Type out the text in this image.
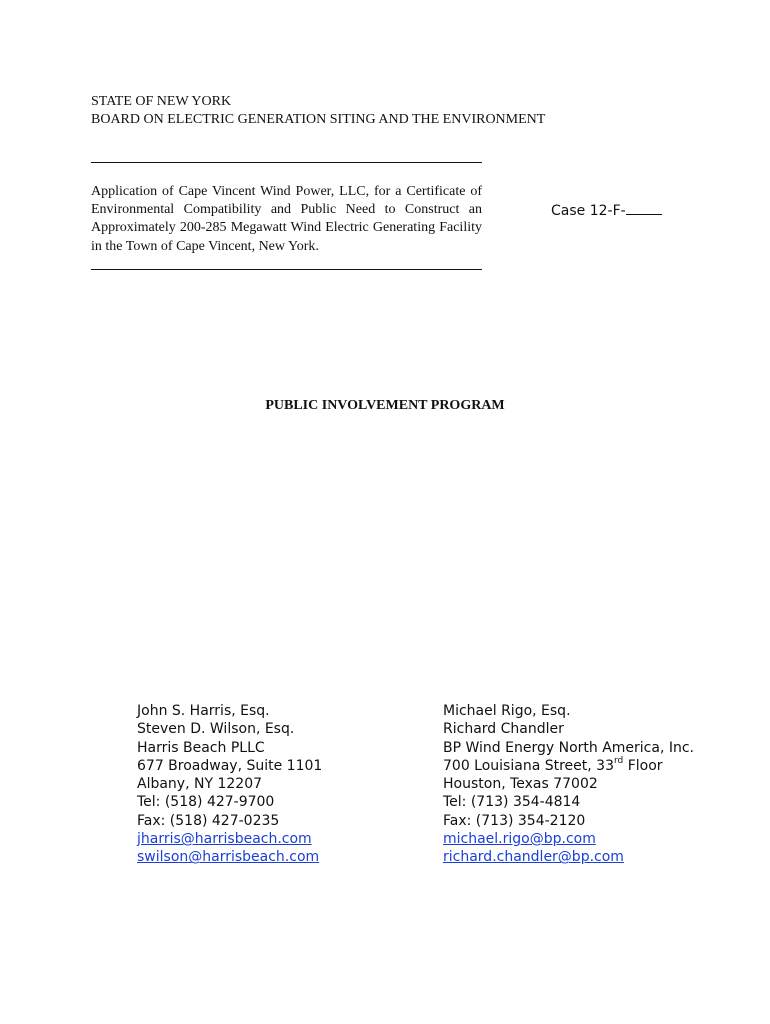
STATE OF NEW YORK
BOARD ON ELECTRIC GENERATION SITING AND THE ENVIRONMENT
Application of Cape Vincent Wind Power, LLC, for a Certificate of Environmental Compatibility and Public Need to Construct an Approximately 200-285 Megawatt Wind Electric Generating Facility in the Town of Cape Vincent, New York.
Case 12-F-
PUBLIC INVOLVEMENT PROGRAM
John S. Harris, Esq.
Steven D. Wilson, Esq.
Harris Beach PLLC
677 Broadway, Suite 1101
Albany, NY 12207
Tel: (518) 427-9700
Fax: (518) 427-0235
jharris@harrisbeach.com
swilson@harrisbeach.com
Michael Rigo, Esq.
Richard Chandler
BP Wind Energy North America, Inc.
700 Louisiana Street, 33rd Floor
Houston, Texas 77002
Tel: (713) 354-4814
Fax: (713) 354-2120
michael.rigo@bp.com
richard.chandler@bp.com
